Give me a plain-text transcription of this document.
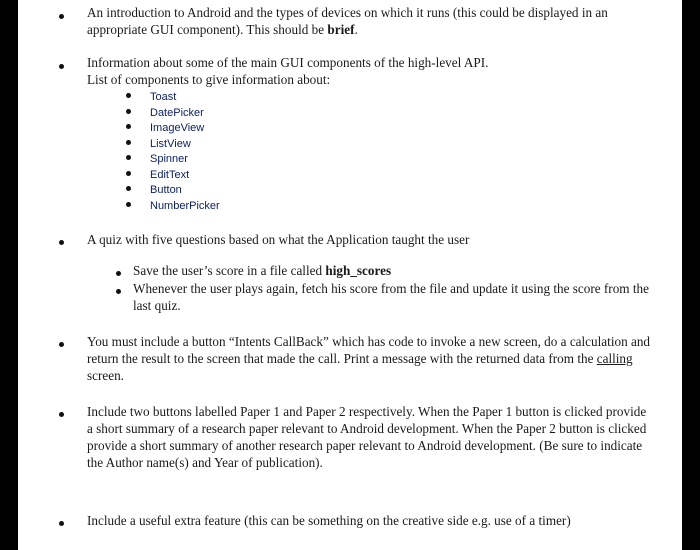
An introduction to Android and the types of devices on which it runs (this could be displayed in an appropriate GUI component). This should be brief.
Information about some of the main GUI components of the high-level API.
List of components to give information about:
Toast
DatePicker
ImageView
ListView
Spinner
EditText
Button
NumberPicker
A quiz with five questions based on what the Application taught the user
Save the user’s score in a file called high_scores
Whenever the user plays again, fetch his score from the file and update it using the score from the last quiz.
You must include a button “Intents CallBack” which has code to invoke a new screen, do a calculation and return the result to the screen that made the call. Print a message with the returned data from the calling screen.
Include two buttons labelled Paper 1 and Paper 2 respectively. When the Paper 1 button is clicked provide a short summary of a research paper relevant to Android development. When the Paper 2 button is clicked provide a short summary of another research paper relevant to Android development. (Be sure to indicate the Author name(s) and Year of publication).
Include a useful extra feature (this can be something on the creative side e.g. use of a timer)
